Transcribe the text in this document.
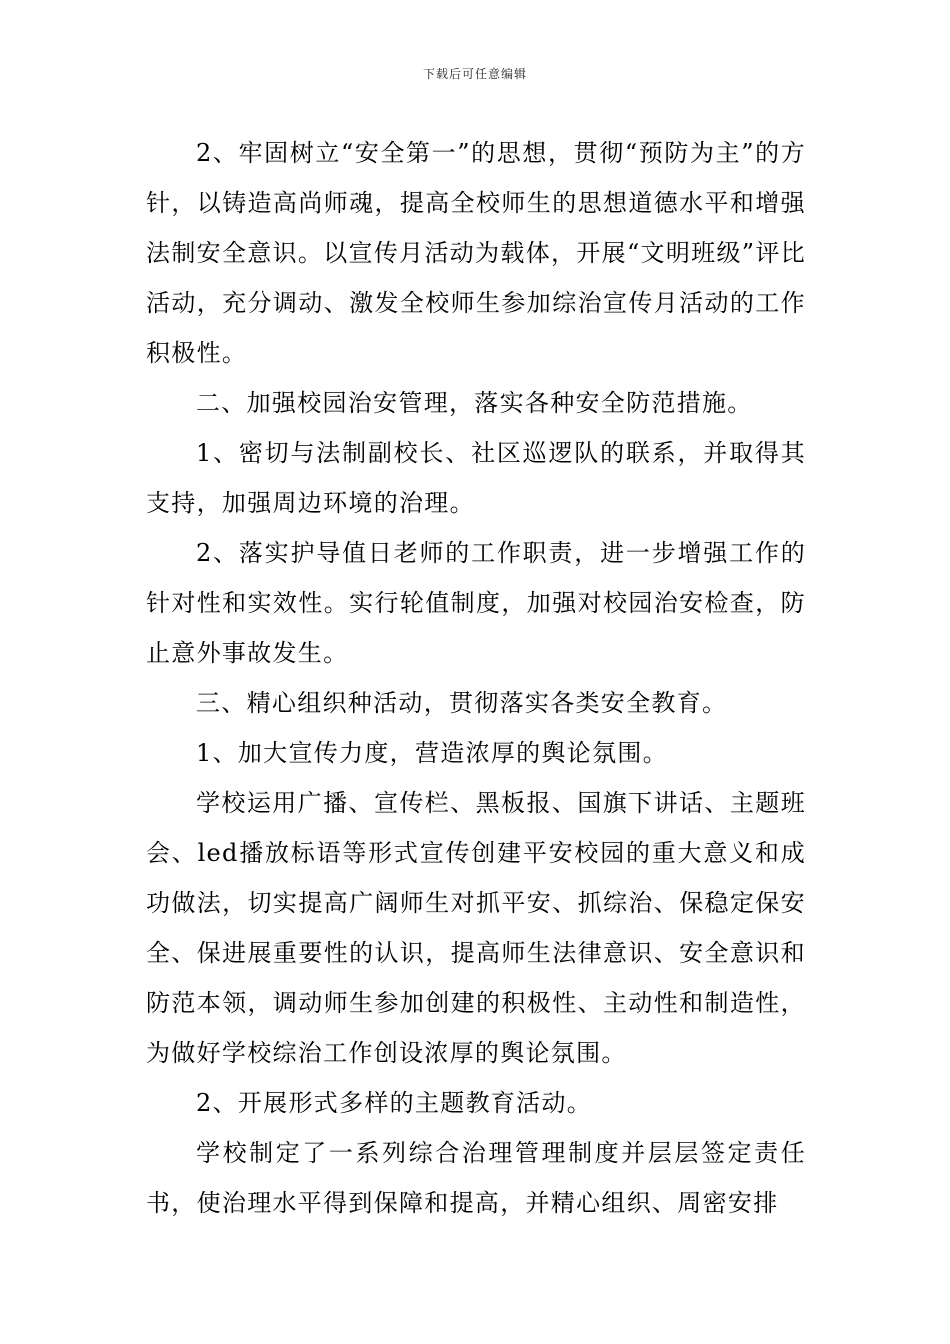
下载后可任意编辑

2、牢固树立“安全第一”的思想，贯彻“预防为主”的方针，以铸造高尚师魂，提高全校师生的思想道德水平和增强法制安全意识。以宣传月活动为载体，开展“文明班级”评比活动，充分调动、激发全校师生参加综治宣传月活动的工作积极性。

二、加强校园治安管理，落实各种安全防范措施。

1、密切与法制副校长、社区巡逻队的联系，并取得其支持，加强周边环境的治理。

2、落实护导值日老师的工作职责，进一步增强工作的针对性和实效性。实行轮值制度，加强对校园治安检查，防止意外事故发生。

三、精心组织种活动，贯彻落实各类安全教育。

1、加大宣传力度，营造浓厚的舆论氛围。

学校运用广播、宣传栏、黑板报、国旗下讲话、主题班会、led播放标语等形式宣传创建平安校园的重大意义和成功做法，切实提高广阔师生对抓平安、抓综治、保稳定保安全、保进展重要性的认识，提高师生法律意识、安全意识和防范本领，调动师生参加创建的积极性、主动性和制造性，为做好学校综治工作创设浓厚的舆论氛围。

2、开展形式多样的主题教育活动。

学校制定了一系列综合治理管理制度并层层签定责任书，使治理水平得到保障和提高，并精心组织、周密安排
